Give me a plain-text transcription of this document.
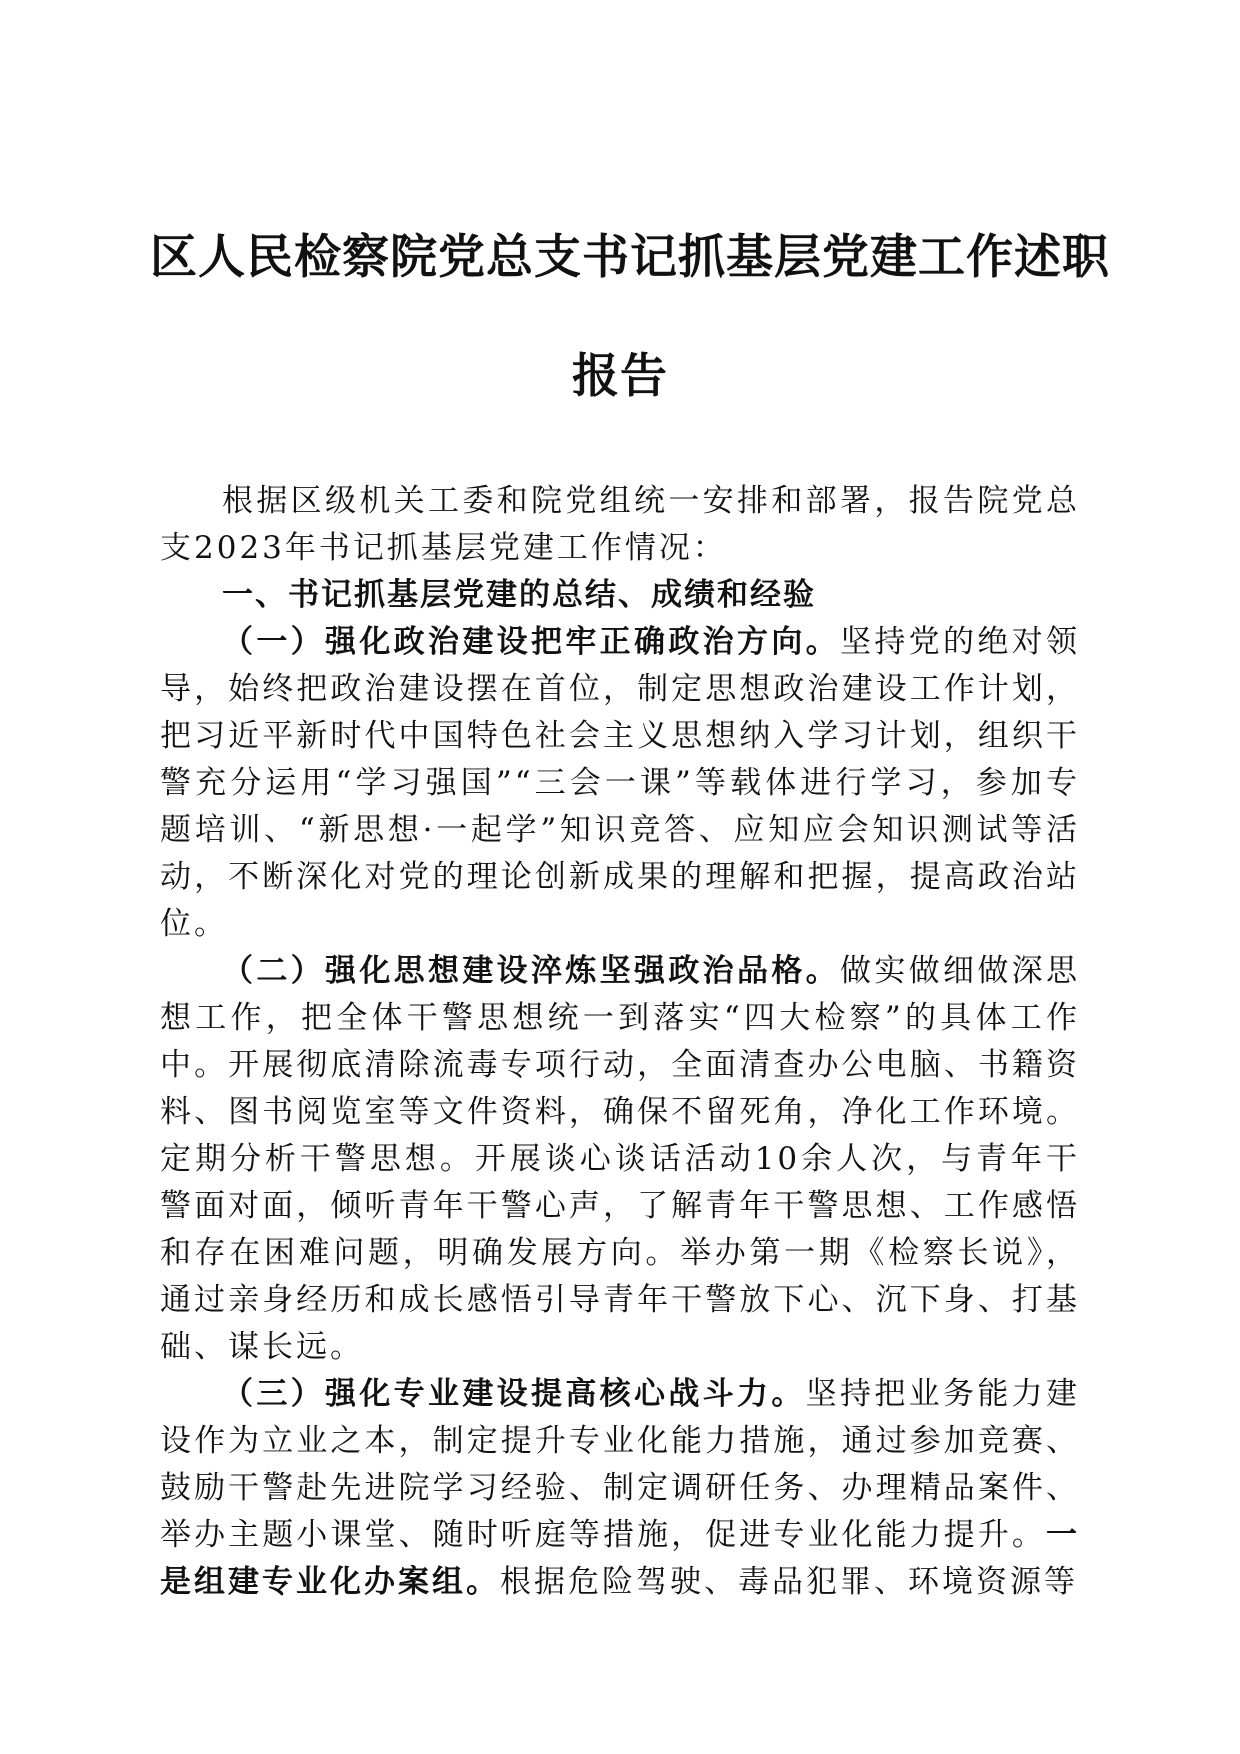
区人民检察院党总支书记抓基层党建工作述职
报告

根据区级机关工委和院党组统一安排和部署，报告院党总支2023年书记抓基层党建工作情况：

一、书记抓基层党建的总结、成绩和经验

（一）强化政治建设把牢正确政治方向。坚持党的绝对领导，始终把政治建设摆在首位，制定思想政治建设工作计划，把习近平新时代中国特色社会主义思想纳入学习计划，组织干警充分运用“学习强国”“三会一课”等载体进行学习，参加专题培训、“新思想·一起学”知识竞答、应知应会知识测试等活动，不断深化对党的理论创新成果的理解和把握，提高政治站位。

（二）强化思想建设淬炼坚强政治品格。做实做细做深思想工作，把全体干警思想统一到落实“四大检察”的具体工作中。开展彻底清除流毒专项行动，全面清查办公电脑、书籍资料、图书阅览室等文件资料，确保不留死角，净化工作环境。定期分析干警思想。开展谈心谈话活动10余人次，与青年干警面对面，倾听青年干警心声，了解青年干警思想、工作感悟和存在困难问题，明确发展方向。举办第一期《检察长说》，通过亲身经历和成长感悟引导青年干警放下心、沉下身、打基础、谋长远。

（三）强化专业建设提高核心战斗力。坚持把业务能力建设作为立业之本，制定提升专业化能力措施，通过参加竞赛、鼓励干警赴先进院学习经验、制定调研任务、办理精品案件、举办主题小课堂、随时听庭等措施，促进专业化能力提升。一是组建专业化办案组。根据危险驾驶、毒品犯罪、环境资源等
